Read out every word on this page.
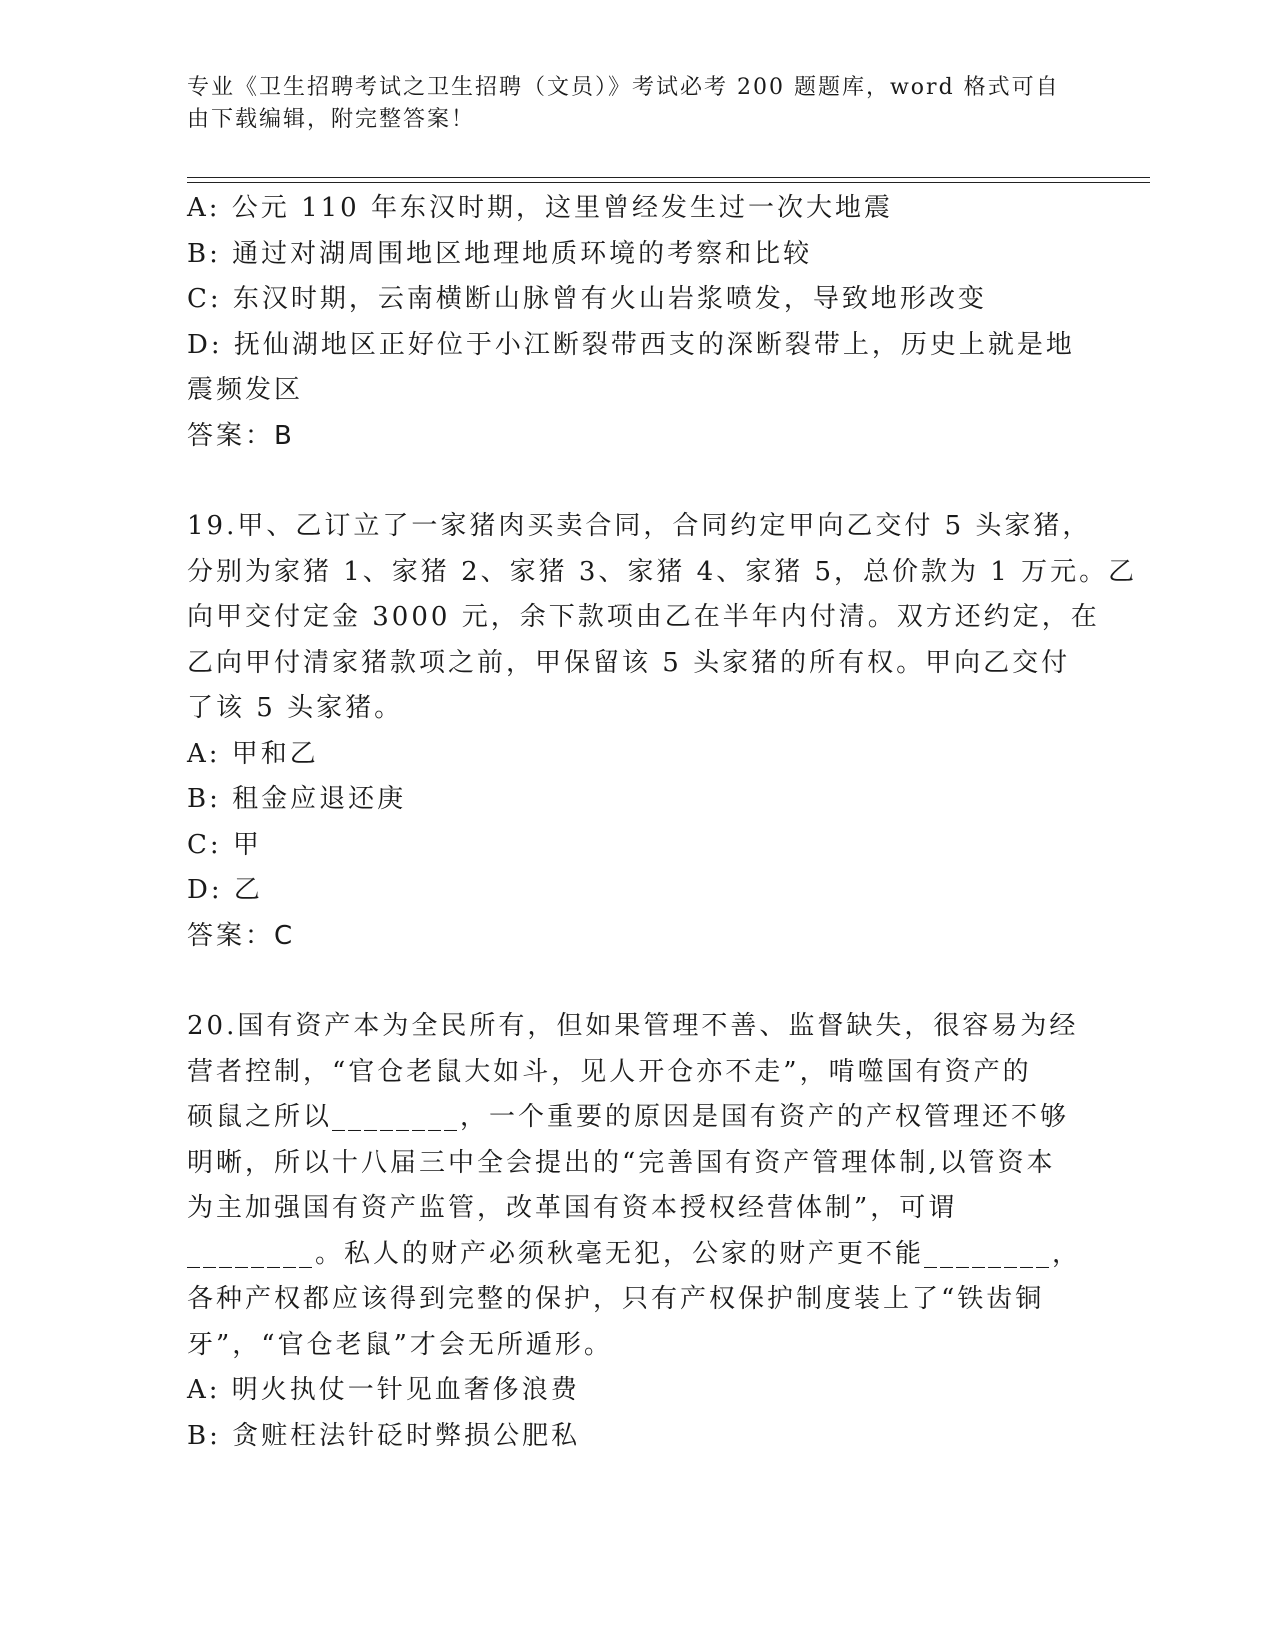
专业《卫生招聘考试之卫生招聘（文员）》考试必考 200 题题库，word 格式可自
由下载编辑，附完整答案！
A: 公元 110 年东汉时期，这里曾经发生过一次大地震
B: 通过对湖周围地区地理地质环境的考察和比较
C: 东汉时期，云南横断山脉曾有火山岩浆喷发，导致地形改变
D: 抚仙湖地区正好位于小江断裂带西支的深断裂带上，历史上就是地
震频发区
答案：B
19.甲、乙订立了一家猪肉买卖合同，合同约定甲向乙交付 5 头家猪，
分别为家猪 1、家猪 2、家猪 3、家猪 4、家猪 5，总价款为 1 万元。乙
向甲交付定金 3000 元，余下款项由乙在半年内付清。双方还约定，在
乙向甲付清家猪款项之前，甲保留该 5 头家猪的所有权。甲向乙交付
了该 5 头家猪。
A: 甲和乙
B: 租金应退还庚
C: 甲
D: 乙
答案：C
20.国有资产本为全民所有，但如果管理不善、监督缺失，很容易为经
营者控制，“官仓老鼠大如斗，见人开仓亦不走”，啃噬国有资产的
硕鼠之所以________，一个重要的原因是国有资产的产权管理还不够
明晰，所以十八届三中全会提出的“完善国有资产管理体制,以管资本
为主加强国有资产监管，改革国有资本授权经营体制”，可谓
________。私人的财产必须秋毫无犯，公家的财产更不能________，
各种产权都应该得到完整的保护，只有产权保护制度装上了“铁齿铜
牙”，“官仓老鼠”才会无所遁形。
A: 明火执仗一针见血奢侈浪费
B: 贪赃枉法针砭时弊损公肥私
